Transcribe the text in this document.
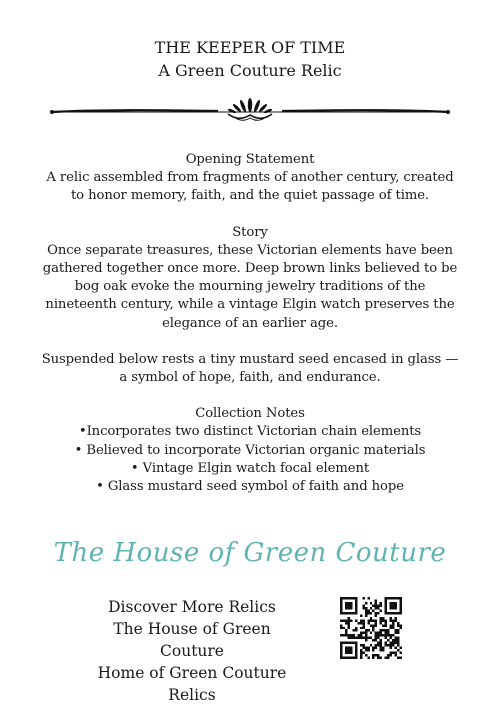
THE KEEPER OF TIME
A Green Couture Relic

Opening Statement

A relic assembled from fragments of another century, created to honor memory, faith, and the quiet passage of time.

Story

Once separate treasures, these Victorian elements have been gathered together once more. Deep brown links believed to be bog oak evoke the mourning jewelry traditions of the nineteenth century, while a vintage Elgin watch preserves the elegance of an earlier age.

Suspended below rests a tiny mustard seed encased in glass — a symbol of hope, faith, and endurance.

Collection Notes

•Incorporates two distinct Victorian chain elements
• Believed to incorporate Victorian organic materials
• Vintage Elgin watch focal element
• Glass mustard seed symbol of faith and hope
The House of Green Couture
Discover More Relics
The House of Green Couture
Home of Green Couture Relics
